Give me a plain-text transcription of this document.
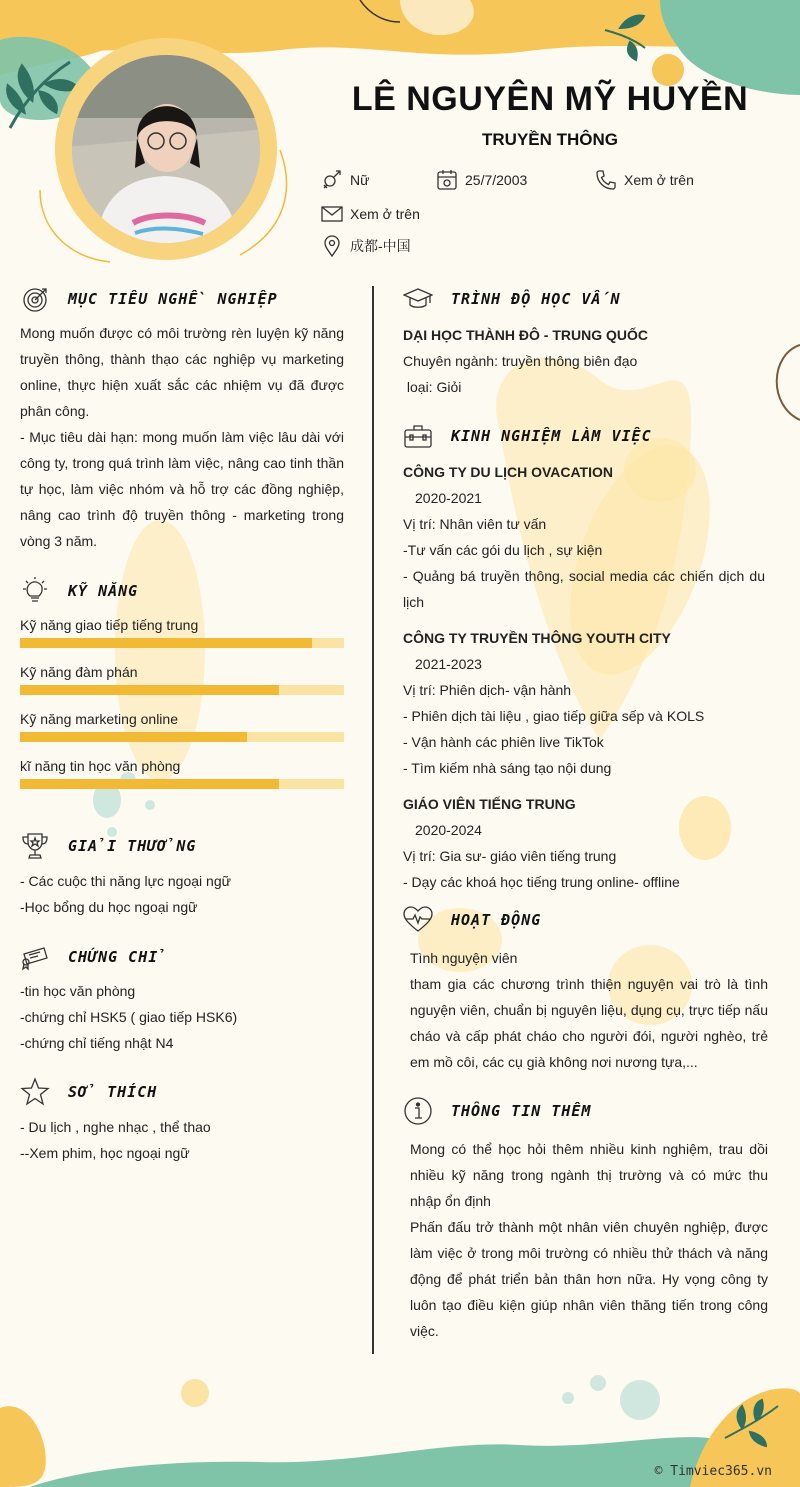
LÊ NGUYÊN MỸ HUYỀN
TRUYỀN THÔNG
Nữ	25/7/2003	Xem ở trên
Xem ở trên
成都-中国
MỤC TIÊU NGHỀ NGHIỆP
Mong muốn được có môi trường rèn luyện kỹ năng truyền thông, thành thạo các nghiệp vụ marketing online, thực hiện xuất sắc các nhiệm vụ đã được phân công.
- Mục tiêu dài hạn: mong muốn làm việc lâu dài với công ty, trong quá trình làm việc, nâng cao tinh thần tự học, làm việc nhóm và hỗ trợ các đồng nghiệp, nâng cao trình độ truyền thông - marketing trong vòng 3 năm.
KỸ NĂNG
Kỹ năng giao tiếp tiếng trung
Kỹ năng đàm phán
Kỹ năng marketing online
kĩ năng tin học văn phòng
GIẢI THƯỞNG
- Các cuộc thi năng lực ngoại ngữ
-Học bổng du học ngoại ngữ
CHỨNG CHỈ
-tin học văn phòng
-chứng chỉ HSK5 ( giao tiếp HSK6)
-chứng chỉ tiếng nhật N4
SỞ THÍCH
- Du lịch , nghe nhạc , thể thao
--Xem phim, học ngoại ngữ
TRÌNH ĐỘ HỌC VẤN
DẠI HỌC THÀNH ĐÔ - TRUNG QUỐC
Chuyên ngành: truyền thông biên đạo
loại: Giỏi
KINH NGHIỆM LÀM VIỆC
CÔNG TY DU LỊCH OVACATION
2020-2021
Vị trí: Nhân viên tư vấn
-Tư vấn các gói du lịch , sự kiện
- Quảng bá truyền thông, social media các chiến dịch du lịch
CÔNG TY TRUYỀN THÔNG YOUTH CITY
2021-2023
Vị trí: Phiên dịch- vận hành
- Phiên dịch tài liệu , giao tiếp giữa sếp và KOLS
- Vận hành các phiên live TikTok
- Tìm kiếm nhà sáng tạo nội dung
GIÁO VIÊN TIẾNG TRUNG
2020-2024
Vị trí: Gia sư- giáo viên tiếng trung
- Dạy các khoá học tiếng trung online- offline
HOẠT ĐỘNG
Tình nguyện viên
tham gia các chương trình thiện nguyện vai trò là tình nguyện viên, chuẩn bị nguyên liệu, dụng cụ, trực tiếp nấu cháo và cấp phát cháo cho người đói, người nghèo, trẻ em mồ côi, các cụ già không nơi nương tựa,...
THÔNG TIN THÊM
Mong có thể học hỏi thêm nhiều kinh nghiệm, trau dồi nhiều kỹ năng trong ngành thị trường và có mức thu nhập ổn định
Phấn đấu trở thành một nhân viên chuyên nghiệp, được làm việc ở trong môi trường có nhiều thử thách và năng động để phát triển bản thân hơn nữa. Hy vọng công ty luôn tạo điều kiện giúp nhân viên thăng tiến trong công việc.
© Timviec365.vn
